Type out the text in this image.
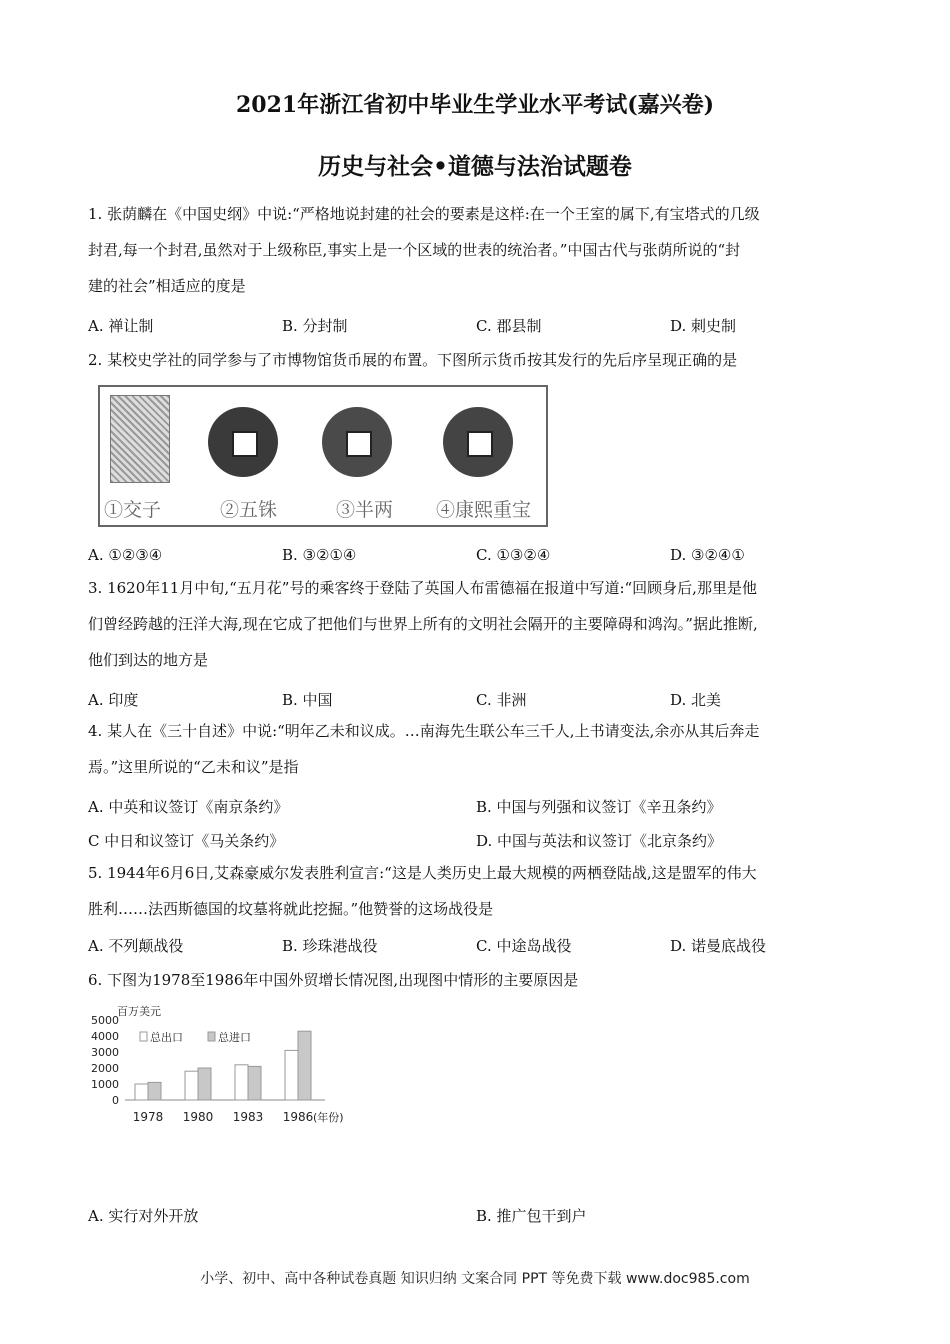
2021年浙江省初中毕业生学业水平考试(嘉兴卷)
历史与社会•道德与法治试题卷
1. 张荫麟在《中国史纲》中说:“严格地说封建的社会的要素是这样:在一个王室的属下,有宝塔式的几级
封君,每一个封君,虽然对于上级称臣,事实上是一个区域的世表的统治者。”中国古代与张荫所说的“封
建的社会”相适应的度是
A. 禅让制	B. 分封制	C. 郡县制	D. 刺史制
2. 某校史学社的同学参与了市博物馆货币展的布置。下图所示货币按其发行的先后序呈现正确的是
①交子	②五铢	③半两 ④康熙重宝
A. ①②③④	B. ③②①④	C. ①③②④	D. ③②④①
3. 1620年11月中旬,“五月花”号的乘客终于登陆了英国人布雷德福在报道中写道:“回顾身后,那里是他
们曾经跨越的汪洋大海,现在它成了把他们与世界上所有的文明社会隔开的主要障碍和鸿沟。”据此推断,
他们到达的地方是
A. 印度	B. 中国	C. 非洲	D. 北美
4. 某人在《三十自述》中说:“明年乙未和议成。…南海先生联公车三千人,上书请变法,余亦从其后奔走
焉。”这里所说的“乙未和议”是指
A. 中英和议签订《南京条约》	B. 中国与列强和议签订《辛丑条约》
C 中日和议签订《马关条约》	D. 中国与英法和议签订《北京条约》
5. 1944年6月6日,艾森豪威尔发表胜利宣言:“这是人类历史上最大规模的两栖登陆战,这是盟军的伟大
胜利……法西斯德国的坟墓将就此挖掘。”他赞誉的这场战役是
A. 不列颠战役	B. 珍珠港战役	C. 中途岛战役	D. 诺曼底战役
6. 下图为1978至1986年中国外贸增长情况图,出现图中情形的主要原因是
百万美元
5000
4000
3000
2000
1000
0
1978 1980 1983 1986 (年份)
总出口	总进口
A. 实行对外开放	B. 推广包干到户
小学、初中、高中各种试卷真题 知识归纳 文案合同 PPT 等免费下载 www.doc985.com
